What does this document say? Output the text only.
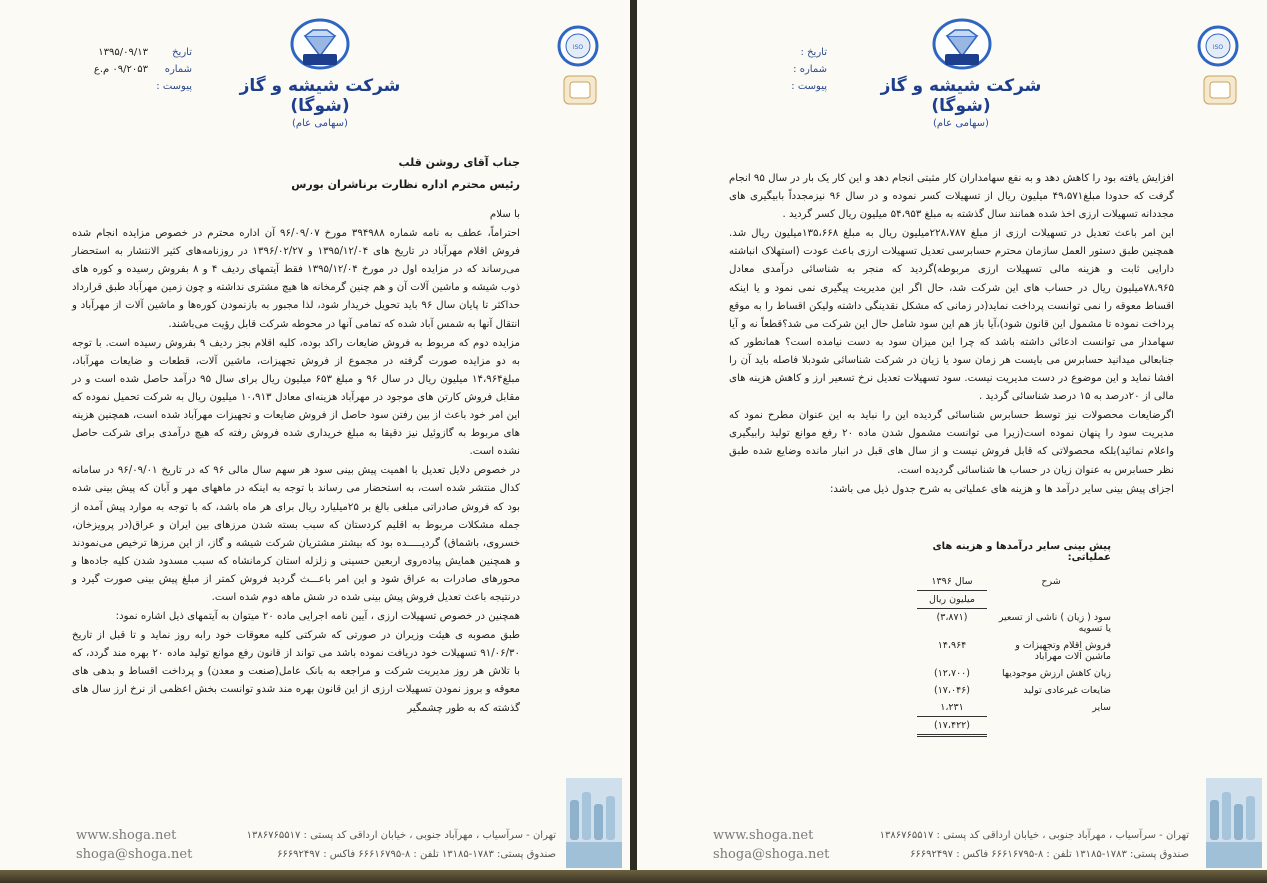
ISO
شرکت شیشه و گاز (شوگا)
(سهامی عام)
تاریخ۱۳۹۵/۰۹/۱۳
شماره۰۹/۲۰۵۳ م.ع
پیوست :
جناب آقای روشن قلب
رئیس محترم اداره نظارت برناشران بورس

با سلام

احتراماً، عطف به نامه شماره ۳۹۴۹۸۸ مورخ ۹۶/۰۹/۰۷ آن اداره محترم در خصوص مزایده انجام شده فروش اقلام مهرآباد در تاریخ های ۱۳۹۵/۱۲/۰۴ و ۱۳۹۶/۰۲/۲۷ در روزنامه‌های کثیر الانتشار به استحضار می‌رساند که در مزایده اول در مورخ ۱۳۹۵/۱۲/۰۴ فقط آیتمهای ردیف ۴ و ۸ بفروش رسیده و کوره های ذوب شیشه و ماشین آلات آن و هم چنین گرمخانه ها هیچ مشتری نداشته و چون زمین مهرآباد طبق قرارداد حداکثر تا پایان سال ۹۶ باید تحویل خریدار شود، لذا مجبور به بازنمودن کوره‌ها و ماشین آلات از مهرآباد و انتقال آنها به شمس آباد شده که تمامی آنها در محوطه شرکت قابل رؤیت می‌باشند.

مزایده دوم که مربوط به فروش ضایعات راکد بوده، کلیه اقلام بجز ردیف ۹ بفروش رسیده است. با توجه به دو مزایده صورت گرفته در مجموع از فروش تجهیزات، ماشین آلات، قطعات و ضایعات مهرآباد، مبلغ۱۴،۹۶۴ میلیون ریال در سال ۹۶ و مبلغ ۶۵۳ میلیون ریال برای سال ۹۵ درآمد حاصل شده است و در مقابل فروش کارتن های موجود در مهرآباد هزینه‌ای معادل ۱۰،۹۱۳ میلیون ریال به شرکت تحمیل نموده که این امر خود باعث از بین رفتن سود حاصل از فروش ضایعات و تجهیزات مهرآباد شده است، همچنین هزینه های مربوط به گازوئیل نیز دقیقا به مبلغ خریداری شده فروش رفته که هیچ درآمدی برای شرکت حاصل نشده است.

در خصوص دلایل تعدیل با اهمیت پیش بینی سود هر سهم سال مالی ۹۶ که در تاریخ ۹۶/۰۹/۰۱ در سامانه کدال منتشر شده است، به استحضار می رساند با توجه به اینکه در ماههای مهر و آبان که پیش بینی شده بود که فروش صادراتی مبلغی بالغ بر ۲۵میلیارد ریال برای هر ماه باشد، که با توجه به موارد پیش آمده از جمله مشکلات مربوط به اقلیم کردستان که سبب بسته شدن مرزهای بین ایران و عراق(در پرویزخان، خسروی، باشماق) گردیـــــده بود که بیشتر مشتریان شرکت شیشه و گاز، از این مرزها ترخیص می‌نمودند و همچنین همایش پیاده‌روی اربعین حسینی و زلزله استان کرمانشاه که سبب مسدود شدن کلیه جاده‌ها و محورهای صادرات به عراق شود و این امر باعـــث گردید فروش کمتر از مبلغ پیش بینی صورت گیرد و درنتیجه باعث تعدیل فروش پیش بینی شده در شش ماهه دوم شده است.

همچنین در خصوص تسهیلات ارزی ، آیین نامه اجرایی ماده ۲۰ میتوان به آیتمهای ذیل اشاره نمود:

طبق مصوبه ی هیئت وزیران در صورتی که شرکتی کلیه معوقات خود رابه روز نماید و تا قبل از تاریخ ۹۱/۰۶/۳۰ تسهیلات خود دریافت نموده باشد می تواند از قانون رفع موانع تولید ماده ۲۰ بهره مند گردد، که با تلاش هر روز مدیریت شرکت و مراجعه به بانک عامل(صنعت و معدن) و پرداخت اقساط و بدهی های معوقه و بروز نمودن تسهیلات ارزی از این قانون بهره مند شدو توانست بخش اعظمی از نرخ ارز سال های گذشته که به طور چشمگیر

www.shoga.net
shoga@shoga.net
تهران - سرآسیاب ، مهرآباد جنوبی ، خیابان ارداقی کد پستی : ۱۳۸۶۷۶۵۵۱۷
صندوق پستی: ۱۷۸۳-۱۳۱۸۵ تلفن : ۸-۶۶۶۱۶۷۹۵ فاکس : ۶۶۶۹۲۴۹۷
ISO
شرکت شیشه و گاز (شوگا)
(سهامی عام)
تاریخ :
شماره :
پیوست :

افزایش یافته بود را کاهش دهد و به نفع سهامداران کار مثبتی انجام دهد و این کار یک بار در سال ۹۵ انجام گرفت که حدودا مبلغ۴۹،۵۷۱ میلیون ریال از تسهیلات کسر نموده و در سال ۹۶ نیزمجدداً بابیگیری های مجددانه تسهیلات ارزی اخذ شده همانند سال گذشته به مبلغ ۵۴،۹۵۳ میلیون ریال کسر گردید .

این امر باعث تعدیل در تسهیلات ارزی از مبلغ ۲۲۸،۷۸۷میلیون ریال به مبلغ ۱۳۵،۶۶۸میلیون ریال شد. همچنین طبق دستور العمل سازمان محترم حسابرسی تعدیل تسهیلات ارزی باعث عودت (استهلاک انباشته دارایی ثابت و هزینه مالی تسهیلات ارزی مربوطه)گردید که منجر به شناسائی درآمدی معادل ۷۸،۹۶۵میلیون ریال در حساب های این شرکت شد، حال اگر این مدیریت پیگیری نمی نمود و یا اینکه اقساط معوقه را نمی توانست پرداخت نماید(در زمانی که مشکل نقدینگی داشته ولیکن اقساط را به موقع پرداخت نموده تا مشمول این قانون شود)،آیا باز هم این سود شامل حال این شرکت می شد؟قطعاً نه و آیا سهامدار می توانست ادعائی داشته باشد که چرا این میزان سود به دست نیامده است؟ همانطور که جنابعالی میدانید حسابرس می بایست هر زمان سود یا زیان در شرکت شناسائی شودبلا فاصله باید آن را افشا نماید و این موضوع در دست مدیریت نیست. سود تسهیلات تعدیل نرخ تسعیر ارز و کاهش هزینه های مالی از ۲۰درصد به ۱۵ درصد شناسائی گردید .

اگرضایعات محصولات نیز توسط حسابرس شناسائی گردیده این را نباید به این عنوان مطرح نمود که مدیریت سود را پنهان نموده است(زیرا می توانست مشمول شدن ماده ۲۰ رفع موانع تولید رابیگیری واعلام نمائید)بلکه محصولاتی که قابل فروش نیست و از سال های قبل در انبار مانده وضایع شده طبق نظر حسابرس به عنوان زیان در حساب ها شناسائی گردیده است.

اجزای پیش بینی سایر درآمد ها و هزینه های عملیاتی به شرح جدول ذیل می باشد:

پیش بینی سایر درآمدها و هزینه های عملیاتی:	
شرح	سال ۱۳۹۶
	میلیون ریال
سود ( زیان ) ناشی از تسعیر یا تسویه	(۳،۸۷۱)
فروش اقلام وتجهیزات و ماشین آلات مهرآباد	۱۴،۹۶۴
زیان کاهش ارزش موجودیها	(۱۲،۷۰۰)
ضایعات غیرعادی تولید	(۱۷،۰۴۶)
سایر	۱،۲۳۱
	(۱۷،۴۲۲)
www.shoga.net
shoga@shoga.net
تهران - سرآسیاب ، مهرآباد جنوبی ، خیابان ارداقی کد پستی : ۱۳۸۶۷۶۵۵۱۷
صندوق پستی: ۱۷۸۳-۱۳۱۸۵ تلفن : ۸-۶۶۶۱۶۷۹۵ فاکس : ۶۶۶۹۲۴۹۷
